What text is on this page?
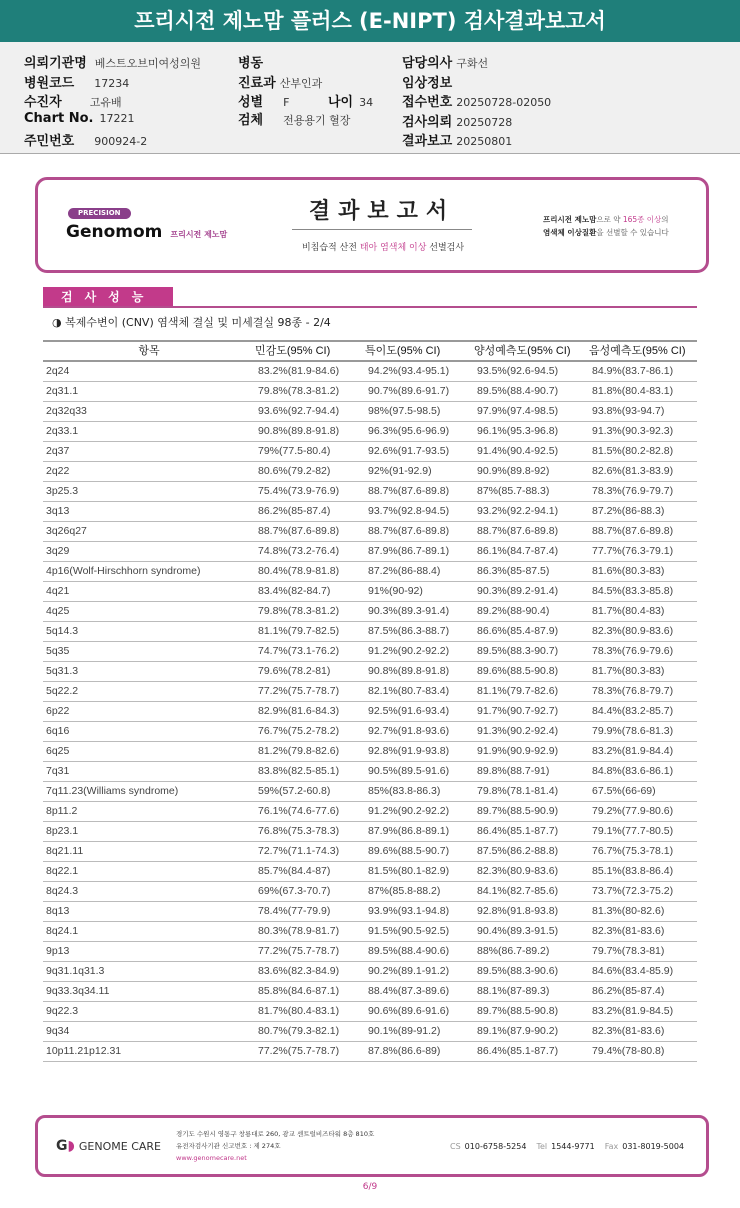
프리시전 제노맘 플러스 (E-NIPT) 검사결과보고서
의뢰기관명 베스트오브미여성의원
병원코드 17234
수진자	고유배
Chart No. 17221
주민번호 900924-2
병동
진료과 산부인과
성별 F	나이 34
검체 전용용기 혈장
담당의사 구화선
임상정보
접수번호 20250728-02050
검사의뢰 20250728
결과보고 20250801
PRECISION
Genomom 프리시전 제노맘
결과보고서
비침습적 산전 태아 염색체 이상 선별검사
프리시전 제노맘으로 약 165종 이상의
염색체 이상질환을 선별할 수 있습니다
검사성능
◑ 복제수변이 (CNV) 염색체 결실 및 미세결실 98종 - 2/4
항목	민감도(95% CI)	특이도(95% CI)	양성예측도(95% CI)	음성예측도(95% CI)
2q24	83.2%(81.9-84.6)	94.2%(93.4-95.1)	93.5%(92.6-94.5)	84.9%(83.7-86.1)
2q31.1	79.8%(78.3-81.2)	90.7%(89.6-91.7)	89.5%(88.4-90.7)	81.8%(80.4-83.1)
2q32q33	93.6%(92.7-94.4)	98%(97.5-98.5)	97.9%(97.4-98.5)	93.8%(93-94.7)
2q33.1	90.8%(89.8-91.8)	96.3%(95.6-96.9)	96.1%(95.3-96.8)	91.3%(90.3-92.3)
2q37	79%(77.5-80.4)	92.6%(91.7-93.5)	91.4%(90.4-92.5)	81.5%(80.2-82.8)
2q22	80.6%(79.2-82)	92%(91-92.9)	90.9%(89.8-92)	82.6%(81.3-83.9)
3p25.3	75.4%(73.9-76.9)	88.7%(87.6-89.8)	87%(85.7-88.3)	78.3%(76.9-79.7)
3q13	86.2%(85-87.4)	93.7%(92.8-94.5)	93.2%(92.2-94.1)	87.2%(86-88.3)
3q26q27	88.7%(87.6-89.8)	88.7%(87.6-89.8)	88.7%(87.6-89.8)	88.7%(87.6-89.8)
3q29	74.8%(73.2-76.4)	87.9%(86.7-89.1)	86.1%(84.7-87.4)	77.7%(76.3-79.1)
4p16(Wolf-Hirschhorn syndrome)	80.4%(78.9-81.8)	87.2%(86-88.4)	86.3%(85-87.5)	81.6%(80.3-83)
4q21	83.4%(82-84.7)	91%(90-92)	90.3%(89.2-91.4)	84.5%(83.3-85.8)
4q25	79.8%(78.3-81.2)	90.3%(89.3-91.4)	89.2%(88-90.4)	81.7%(80.4-83)
5q14.3	81.1%(79.7-82.5)	87.5%(86.3-88.7)	86.6%(85.4-87.9)	82.3%(80.9-83.6)
5q35	74.7%(73.1-76.2)	91.2%(90.2-92.2)	89.5%(88.3-90.7)	78.3%(76.9-79.6)
5q31.3	79.6%(78.2-81)	90.8%(89.8-91.8)	89.6%(88.5-90.8)	81.7%(80.3-83)
5q22.2	77.2%(75.7-78.7)	82.1%(80.7-83.4)	81.1%(79.7-82.6)	78.3%(76.8-79.7)
6p22	82.9%(81.6-84.3)	92.5%(91.6-93.4)	91.7%(90.7-92.7)	84.4%(83.2-85.7)
6q16	76.7%(75.2-78.2)	92.7%(91.8-93.6)	91.3%(90.2-92.4)	79.9%(78.6-81.3)
6q25	81.2%(79.8-82.6)	92.8%(91.9-93.8)	91.9%(90.9-92.9)	83.2%(81.9-84.4)
7q31	83.8%(82.5-85.1)	90.5%(89.5-91.6)	89.8%(88.7-91)	84.8%(83.6-86.1)
7q11.23(Williams syndrome)	59%(57.2-60.8)	85%(83.8-86.3)	79.8%(78.1-81.4)	67.5%(66-69)
8p11.2	76.1%(74.6-77.6)	91.2%(90.2-92.2)	89.7%(88.5-90.9)	79.2%(77.9-80.6)
8p23.1	76.8%(75.3-78.3)	87.9%(86.8-89.1)	86.4%(85.1-87.7)	79.1%(77.7-80.5)
8q21.11	72.7%(71.1-74.3)	89.6%(88.5-90.7)	87.5%(86.2-88.8)	76.7%(75.3-78.1)
8q22.1	85.7%(84.4-87)	81.5%(80.1-82.9)	82.3%(80.9-83.6)	85.1%(83.8-86.4)
8q24.3	69%(67.3-70.7)	87%(85.8-88.2)	84.1%(82.7-85.6)	73.7%(72.3-75.2)
8q13	78.4%(77-79.9)	93.9%(93.1-94.8)	92.8%(91.8-93.8)	81.3%(80-82.6)
8q24.1	80.3%(78.9-81.7)	91.5%(90.5-92.5)	90.4%(89.3-91.5)	82.3%(81-83.6)
9p13	77.2%(75.7-78.7)	89.5%(88.4-90.6)	88%(86.7-89.2)	79.7%(78.3-81)
9q31.1q31.3	83.6%(82.3-84.9)	90.2%(89.1-91.2)	89.5%(88.3-90.6)	84.6%(83.4-85.9)
9q33.3q34.11	85.8%(84.6-87.1)	88.4%(87.3-89.6)	88.1%(87-89.3)	86.2%(85-87.4)
9q22.3	81.7%(80.4-83.1)	90.6%(89.6-91.6)	89.7%(88.5-90.8)	83.2%(81.9-84.5)
9q34	80.7%(79.3-82.1)	90.1%(89-91.2)	89.1%(87.9-90.2)	82.3%(81-83.6)
10p11.21p12.31	77.2%(75.7-78.7)	87.8%(86.6-89)	86.4%(85.1-87.7)	79.4%(78-80.8)
G◗ GENOME CARE
경기도 수원시 영통구 창룡대로 260, 광교 센트럴비즈타워 8층 810호
유전자검사기관 신고번호 : 제 274호
www.genomecare.net
CS 010-6758-5254 Tel 1544-9771 Fax 031-8019-5004
6/9
